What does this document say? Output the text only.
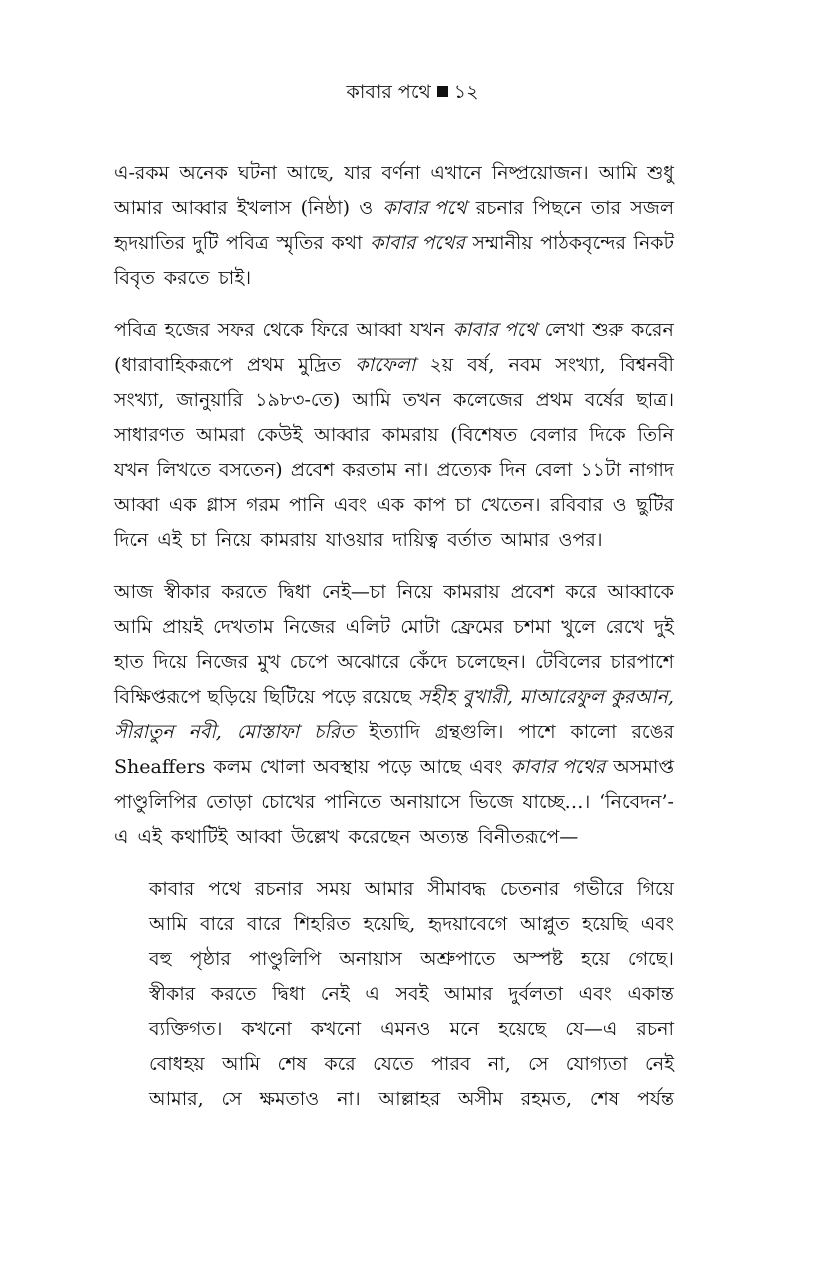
কাবার পথে ১২
এ-রকম অনেক ঘটনা আছে, যার বর্ণনা এখানে নিষ্প্রয়োজন। আমি শুধু
আমার আব্বার ইখলাস (নিষ্ঠা) ও কাবার পথে রচনার পিছনে তার সজল
হৃদয়াতির দুটি পবিত্র স্মৃতির কথা কাবার পথের সম্মানীয় পাঠকবৃন্দের নিকট
বিবৃত করতে চাই।
পবিত্র হজের সফর থেকে ফিরে আব্বা যখন কাবার পথে লেখা শুরু করেন
(ধারাবাহিকরূপে প্রথম মুদ্রিত কাফেলা ২য় বর্ষ, নবম সংখ্যা, বিশ্বনবী
সংখ্যা, জানুয়ারি ১৯৮৩-তে) আমি তখন কলেজের প্রথম বর্ষের ছাত্র।
সাধারণত আমরা কেউই আব্বার কামরায় (বিশেষত বেলার দিকে তিনি
যখন লিখতে বসতেন) প্রবেশ করতাম না। প্রত্যেক দিন বেলা ১১টা নাগাদ
আব্বা এক গ্লাস গরম পানি এবং এক কাপ চা খেতেন। রবিবার ও ছুটির
দিনে এই চা নিয়ে কামরায় যাওয়ার দায়িত্ব বর্তাত আমার ওপর।
আজ স্বীকার করতে দ্বিধা নেই—চা নিয়ে কামরায় প্রবেশ করে আব্বাকে
আমি প্রায়ই দেখতাম নিজের এলিট মোটা ফ্রেমের চশমা খুলে রেখে দুই
হাত দিয়ে নিজের মুখ চেপে অঝোরে কেঁদে চলেছেন। টেবিলের চারপাশে
বিক্ষিপ্তরূপে ছড়িয়ে ছিটিয়ে পড়ে রয়েছে সহীহ বুখারী, মাআরেফুল কুরআন,
সীরাতুন নবী, মোস্তাফা চরিত ইত্যাদি গ্রন্থগুলি। পাশে কালো রঙের
Sheaffers কলম খোলা অবস্থায় পড়ে আছে এবং কাবার পথের অসমাপ্ত
পাণ্ডুলিপির তোড়া চোখের পানিতে অনায়াসে ভিজে যাচ্ছে…। ‘নিবেদন’-
এ এই কথাটিই আব্বা উল্লেখ করেছেন অত্যন্ত বিনীতরূপে—
কাবার পথে রচনার সময় আমার সীমাবদ্ধ চেতনার গভীরে গিয়ে
আমি বারে বারে শিহরিত হয়েছি, হৃদয়াবেগে আপ্লুত হয়েছি এবং
বহু পৃষ্ঠার পাণ্ডুলিপি অনায়াস অশ্রুপাতে অস্পষ্ট হয়ে গেছে।
স্বীকার করতে দ্বিধা নেই এ সবই আমার দুর্বলতা এবং একান্ত
ব্যক্তিগত। কখনো কখনো এমনও মনে হয়েছে যে—এ রচনা
বোধহয় আমি শেষ করে যেতে পারব না, সে যোগ্যতা নেই
আমার, সে ক্ষমতাও না। আল্লাহর অসীম রহমত, শেষ পর্যন্ত
